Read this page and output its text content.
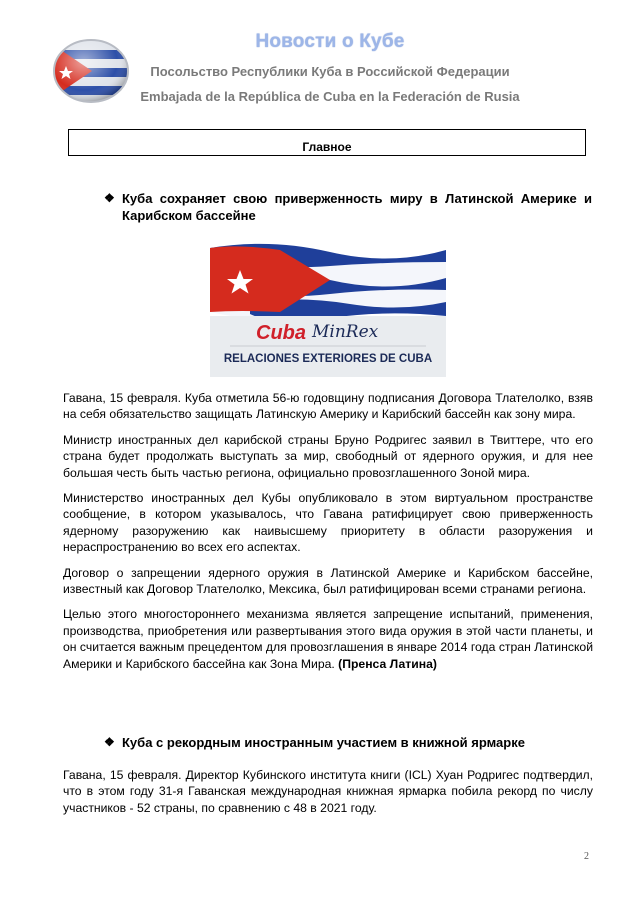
Новости о Кубе
Посольство Республики Куба в Российской Федерации
Embajada de la República de Cuba en la Federación de Rusia
Главное
❖ Куба сохраняет свою приверженность миру в Латинской Америке и Карибском бассейне
Cuba MinRex
RELACIONES EXTERIORES DE CUBA

Гавана, 15 февраля. Куба отметила 56-ю годовщину подписания Договора Тлателолко, взяв на себя обязательство защищать Латинскую Америку и Карибский бассейн как зону мира.

Министр иностранных дел карибской страны Бруно Родригес заявил в Твиттере, что его страна будет продолжать выступать за мир, свободный от ядерного оружия, и для нее большая честь быть частью региона, официально провозглашенного Зоной мира.

Министерство иностранных дел Кубы опубликовало в этом виртуальном пространстве сообщение, в котором указывалось, что Гавана ратифицирует свою приверженность ядерному разоружению как наивысшему приоритету в области разоружения и нераспространению во всех его аспектах.

Договор о запрещении ядерного оружия в Латинской Америке и Карибском бассейне, известный как Договор Тлателолко, Мексика, был ратифицирован всеми странами региона.

Целью этого многостороннего механизма является запрещение испытаний, применения, производства, приобретения или развертывания этого вида оружия в этой части планеты, и он считается важным прецедентом для провозглашения в январе 2014 года стран Латинской Америки и Карибского бассейна как Зона Мира. (Пренса Латина)

❖ Куба с рекордным иностранным участием в книжной ярмарке

Гавана, 15 февраля. Директор Кубинского института книги (ICL) Хуан Родригес подтвердил, что в этом году 31-я Гаванская международная книжная ярмарка побила рекорд по числу участников - 52 страны, по сравнению с 48 в 2021 году.

2
